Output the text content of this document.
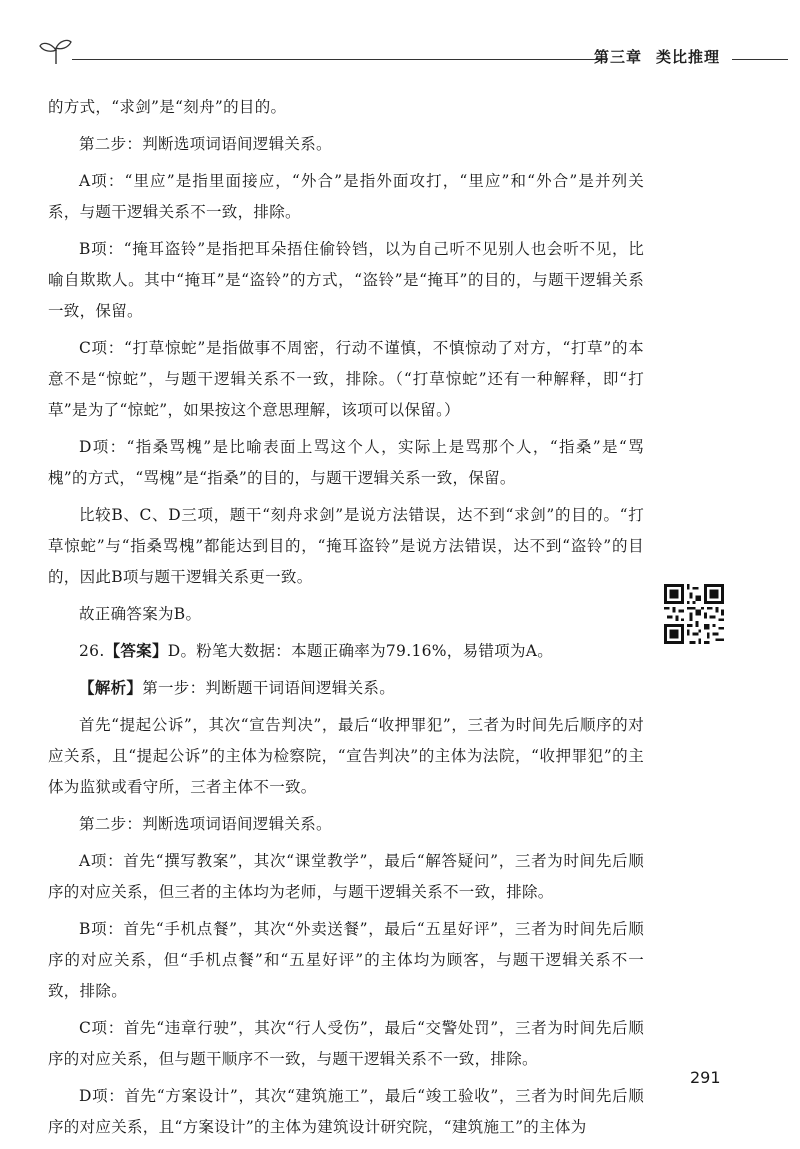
第三章 类比推理

的方式，“求剑”是“刻舟”的目的。

第二步：判断选项词语间逻辑关系。

A项：“里应”是指里面接应，“外合”是指外面攻打，“里应”和“外合”是并列关系，与题干逻辑关系不一致，排除。

B项：“掩耳盗铃”是指把耳朵捂住偷铃铛，以为自己听不见别人也会听不见，比喻自欺欺人。其中“掩耳”是“盗铃”的方式，“盗铃”是“掩耳”的目的，与题干逻辑关系一致，保留。

C项：“打草惊蛇”是指做事不周密，行动不谨慎，不慎惊动了对方，“打草”的本意不是“惊蛇”，与题干逻辑关系不一致，排除。（“打草惊蛇”还有一种解释，即“打草”是为了“惊蛇”，如果按这个意思理解，该项可以保留。）

D项：“指桑骂槐”是比喻表面上骂这个人，实际上是骂那个人，“指桑”是“骂槐”的方式，“骂槐”是“指桑”的目的，与题干逻辑关系一致，保留。

比较B、C、D三项，题干“刻舟求剑”是说方法错误，达不到“求剑”的目的。“打草惊蛇”与“指桑骂槐”都能达到目的，“掩耳盗铃”是说方法错误，达不到“盗铃”的目的，因此B项与题干逻辑关系更一致。

故正确答案为B。

26.【答案】D。粉笔大数据：本题正确率为79.16%，易错项为A。

【解析】第一步：判断题干词语间逻辑关系。

首先“提起公诉”，其次“宣告判决”，最后“收押罪犯”，三者为时间先后顺序的对应关系，且“提起公诉”的主体为检察院，“宣告判决”的主体为法院，“收押罪犯”的主体为监狱或看守所，三者主体不一致。

第二步：判断选项词语间逻辑关系。

A项：首先“撰写教案”，其次“课堂教学”，最后“解答疑问”，三者为时间先后顺序的对应关系，但三者的主体均为老师，与题干逻辑关系不一致，排除。

B项：首先“手机点餐”，其次“外卖送餐”，最后“五星好评”，三者为时间先后顺序的对应关系，但“手机点餐”和“五星好评”的主体均为顾客，与题干逻辑关系不一致，排除。

C项：首先“违章行驶”，其次“行人受伤”，最后“交警处罚”，三者为时间先后顺序的对应关系，但与题干顺序不一致，与题干逻辑关系不一致，排除。

D项：首先“方案设计”，其次“建筑施工”，最后“竣工验收”，三者为时间先后顺序的对应关系，且“方案设计”的主体为建筑设计研究院，“建筑施工”的主体为

291
